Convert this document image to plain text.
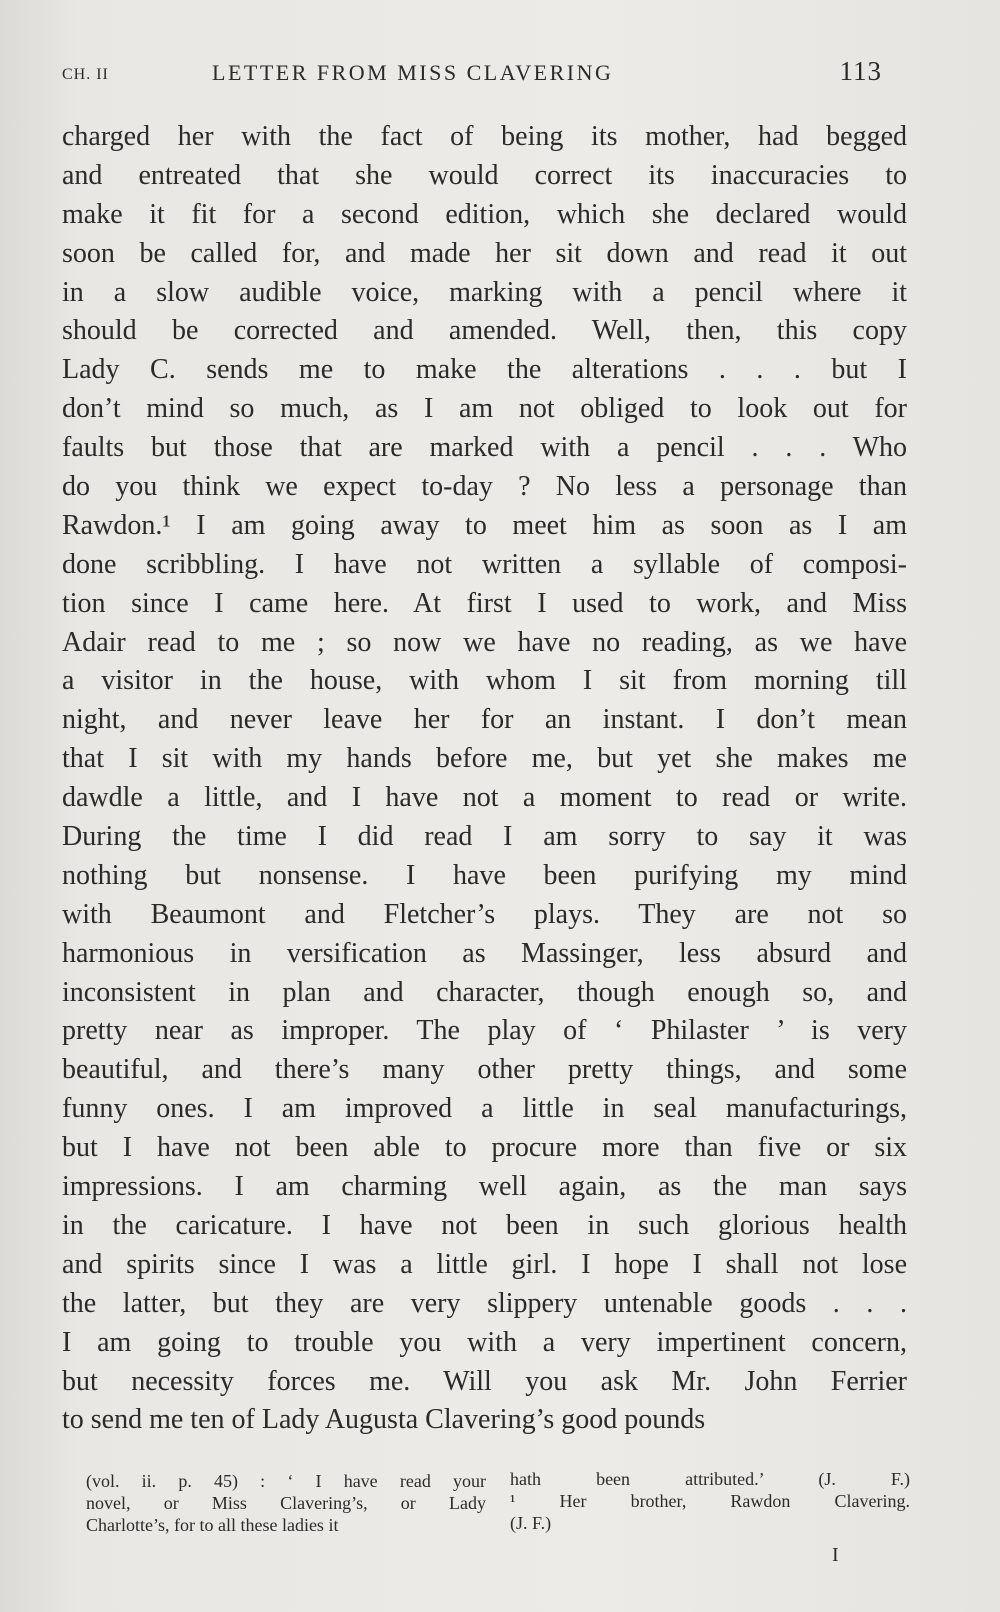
CH. II	LETTER FROM MISS CLAVERING	113
charged her with the fact of being its mother, had begged
and entreated that she would correct its inaccuracies to
make it fit for a second edition, which she declared would
soon be called for, and made her sit down and read it out
in a slow audible voice, marking with a pencil where it
should be corrected and amended. Well, then, this copy
Lady C. sends me to make the alterations . . . but I
don’t mind so much, as I am not obliged to look out for
faults but those that are marked with a pencil . . . Who
do you think we expect to-day ? No less a personage than
Rawdon.¹ I am going away to meet him as soon as I am
done scribbling. I have not written a syllable of composi-
tion since I came here. At first I used to work, and Miss
Adair read to me ; so now we have no reading, as we have
a visitor in the house, with whom I sit from morning till
night, and never leave her for an instant. I don’t mean
that I sit with my hands before me, but yet she makes me
dawdle a little, and I have not a moment to read or write.
During the time I did read I am sorry to say it was
nothing but nonsense. I have been purifying my mind
with Beaumont and Fletcher’s plays. They are not so
harmonious in versification as Massinger, less absurd and
inconsistent in plan and character, though enough so, and
pretty near as improper. The play of ‘ Philaster ’ is very
beautiful, and there’s many other pretty things, and some
funny ones. I am improved a little in seal manufacturings,
but I have not been able to procure more than five or six
impressions. I am charming well again, as the man says
in the caricature. I have not been in such glorious health
and spirits since I was a little girl. I hope I shall not lose
the latter, but they are very slippery untenable goods . . .
I am going to trouble you with a very impertinent concern,
but necessity forces me. Will you ask Mr. John Ferrier
to send me ten of Lady Augusta Clavering’s good pounds
(vol. ii. p. 45) : ‘ I have read your
novel, or Miss Clavering’s, or Lady
Charlotte’s, for to all these ladies it
hath been attributed.’ (J. F.)
¹ Her brother, Rawdon Clavering.
(J. F.)
I
